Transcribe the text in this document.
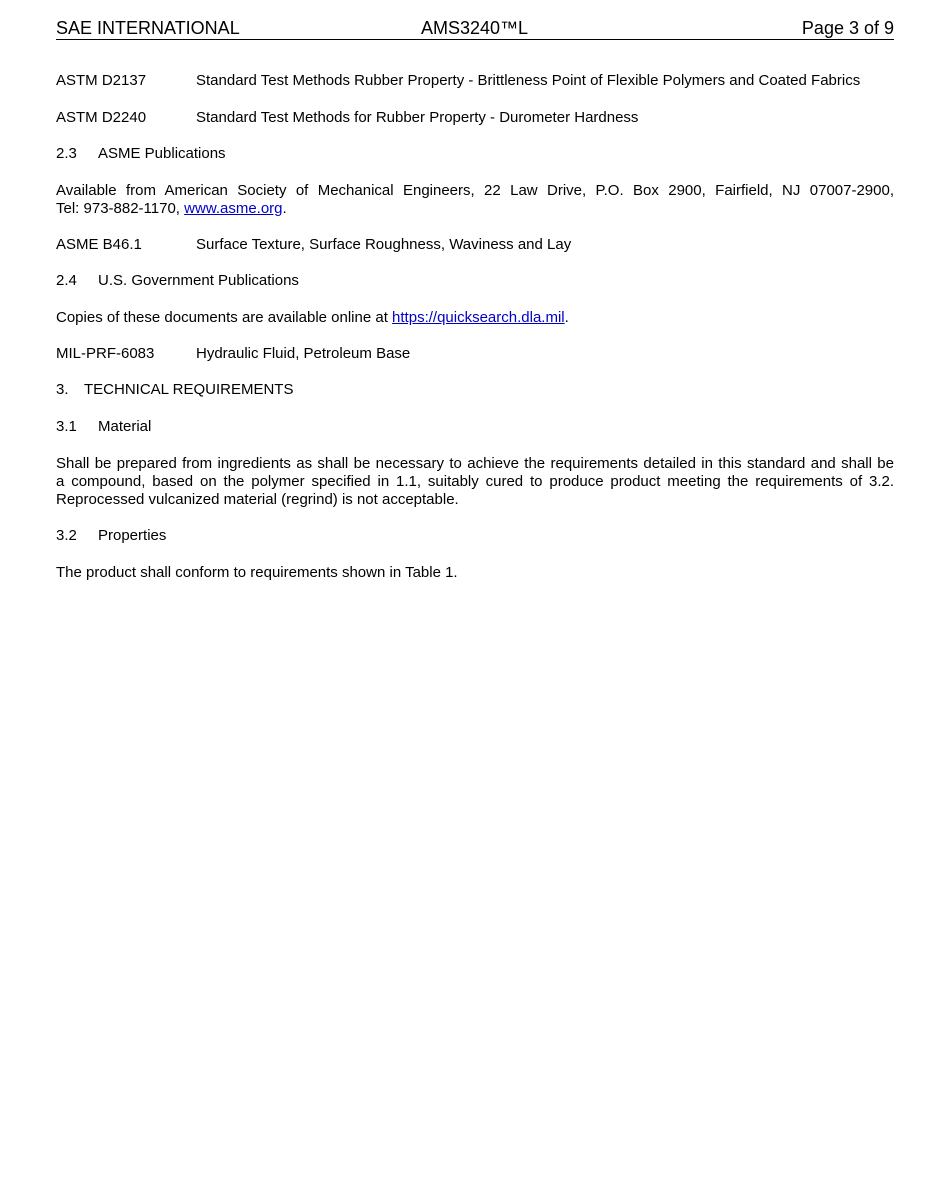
SAE INTERNATIONAL	AMS3240™L	Page 3 of 9
ASTM D2137	Standard Test Methods Rubber Property - Brittleness Point of Flexible Polymers and Coated Fabrics
ASTM D2240	Standard Test Methods for Rubber Property - Durometer Hardness
2.3 ASME Publications
Available from American Society of Mechanical Engineers, 22 Law Drive, P.O. Box 2900, Fairfield, NJ 07007-2900,
Tel: 973-882-1170, www.asme.org.
ASME B46.1	Surface Texture, Surface Roughness, Waviness and Lay
2.4 U.S. Government Publications
Copies of these documents are available online at https://quicksearch.dla.mil.
MIL-PRF-6083	Hydraulic Fluid, Petroleum Base
3. TECHNICAL REQUIREMENTS
3.1 Material
Shall be prepared from ingredients as shall be necessary to achieve the requirements detailed in this standard and shall be
a compound, based on the polymer specified in 1.1, suitably cured to produce product meeting the requirements of 3.2.
Reprocessed vulcanized material (regrind) is not acceptable.
3.2 Properties
The product shall conform to requirements shown in Table 1.
